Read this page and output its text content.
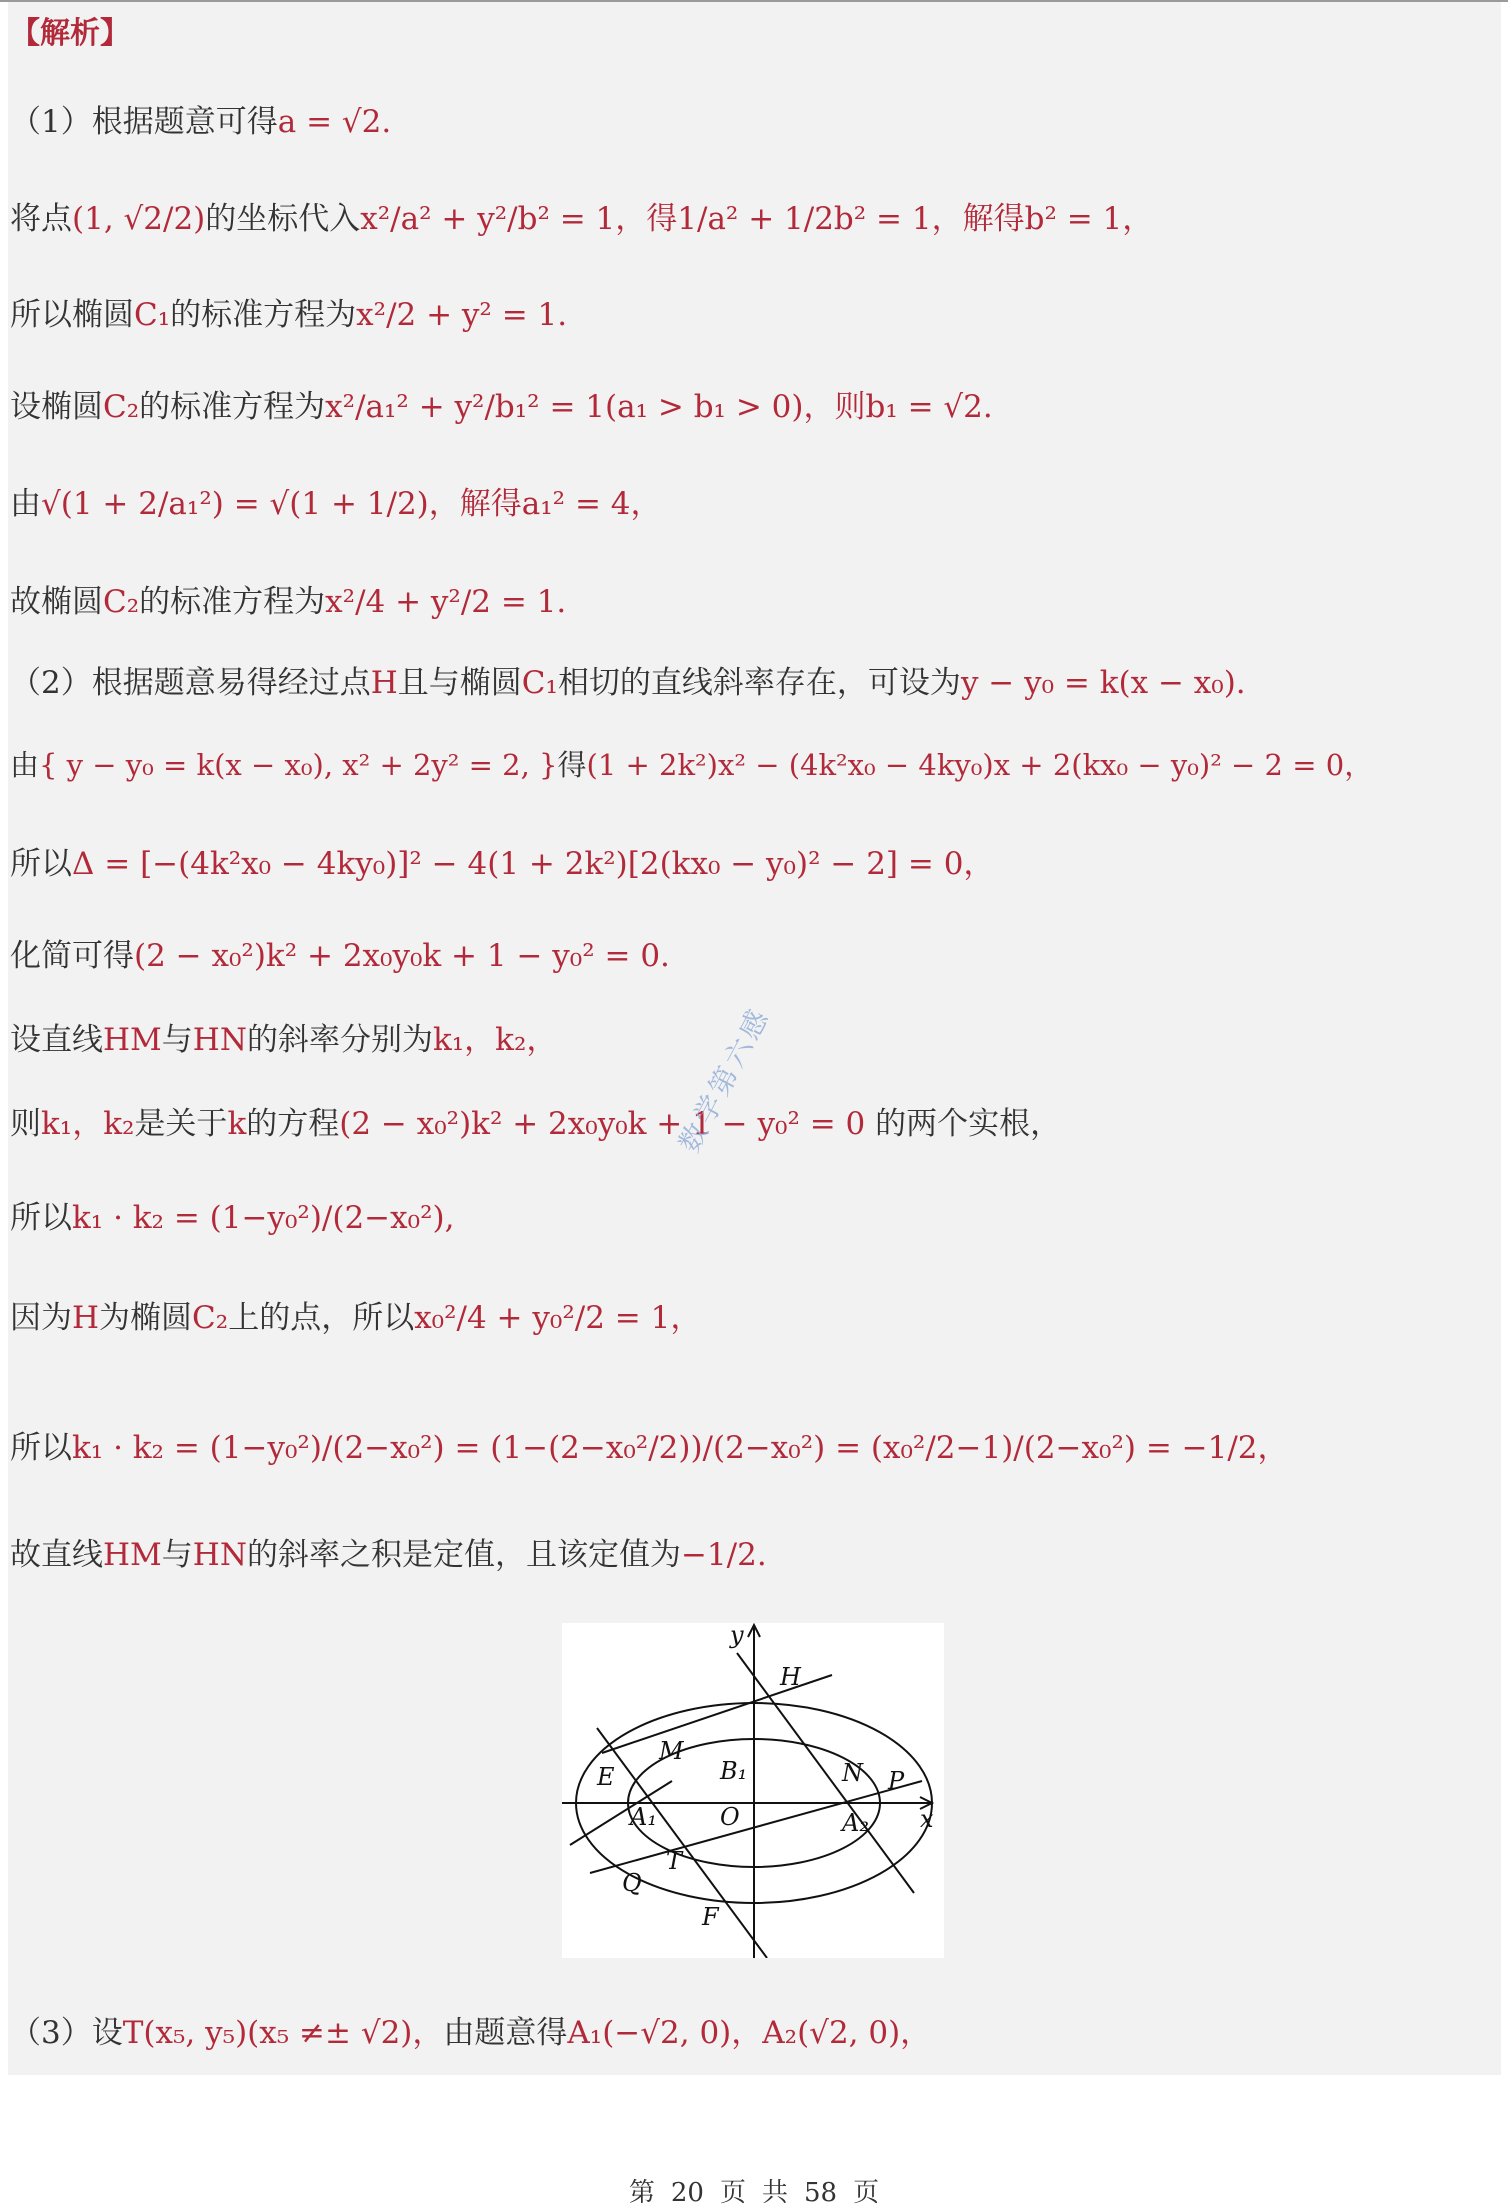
【解析】
（1）根据题意可得a = √2.
将点(1, √2/2)的坐标代入x²/a² + y²/b² = 1，得1/a² + 1/2b² = 1，解得b² = 1，
所以椭圆C₁的标准方程为x²/2 + y² = 1.
设椭圆C₂的标准方程为x²/a₁² + y²/b₁² = 1(a₁ > b₁ > 0)，则b₁ = √2.
由√(1 + 2/a₁²) = √(1 + 1/2)，解得a₁² = 4，
故椭圆C₂的标准方程为x²/4 + y²/2 = 1.
（2）根据题意易得经过点H且与椭圆C₁相切的直线斜率存在，可设为y − y₀ = k(x − x₀).
由{ y − y₀ = k(x − x₀), x² + 2y² = 2, }得(1 + 2k²)x² − (4k²x₀ − 4ky₀)x + 2(kx₀ − y₀)² − 2 = 0，
所以Δ = [−(4k²x₀ − 4ky₀)]² − 4(1 + 2k²)[2(kx₀ − y₀)² − 2] = 0，
化简可得(2 − x₀²)k² + 2x₀y₀k + 1 − y₀² = 0.
设直线HM与HN的斜率分别为k₁，k₂，
则k₁，k₂是关于k的方程(2 − x₀²)k² + 2x₀y₀k + 1 − y₀² = 0 的两个实根，
所以k₁ · k₂ = (1−y₀²)/(2−x₀²),
因为H为椭圆C₂上的点，所以x₀²/4 + y₀²/2 = 1，
所以k₁ · k₂ = (1−y₀²)/(2−x₀²) = (1−(2−x₀²/2))/(2−x₀²) = (x₀²/2−1)/(2−x₀²) = −1/2，
故直线HM与HN的斜率之积是定值，且该定值为−1/2.
y
x
H
M
E	B₁	N P
A₁	O	A₂
T
Q
F
（3）设T(x₅, y₅)(x₅ ≠± √2)，由题意得A₁(−√2, 0)，A₂(√2, 0)，
数学第六感
第 20 页 共 58 页
